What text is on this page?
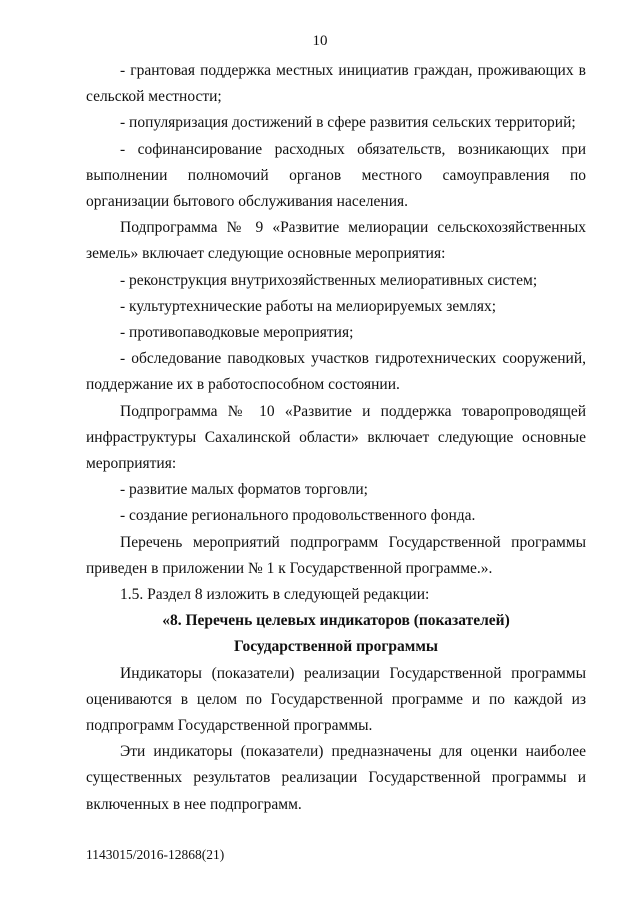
10

- грантовая поддержка местных инициатив граждан, проживающих в сельской местности;

- популяризация достижений в сфере развития сельских территорий;

- софинансирование расходных обязательств, возникающих при выполнении полномочий органов местного самоуправления по организации бытового обслуживания населения.

Подпрограмма № 9 «Развитие мелиорации сельскохозяйственных земель» включает следующие основные мероприятия:

- реконструкция внутрихозяйственных мелиоративных систем;

- культуртехнические работы на мелиорируемых землях;

- противопаводковые мероприятия;

- обследование паводковых участков гидротехнических сооружений, поддержание их в работоспособном состоянии.

Подпрограмма № 10 «Развитие и поддержка товаропроводящей инфраструктуры Сахалинской области» включает следующие основные мероприятия:

- развитие малых форматов торговли;

- создание регионального продовольственного фонда.

Перечень мероприятий подпрограмм Государственной программы приведен в приложении № 1 к Государственной программе.».

1.5. Раздел 8 изложить в следующей редакции:

«8. Перечень целевых индикаторов (показателей)

Государственной программы

Индикаторы (показатели) реализации Государственной программы оцениваются в целом по Государственной программе и по каждой из подпрограмм Государственной программы.

Эти индикаторы (показатели) предназначены для оценки наиболее существенных результатов реализации Государственной программы и включенных в нее подпрограмм.

1143015/2016-12868(21)
